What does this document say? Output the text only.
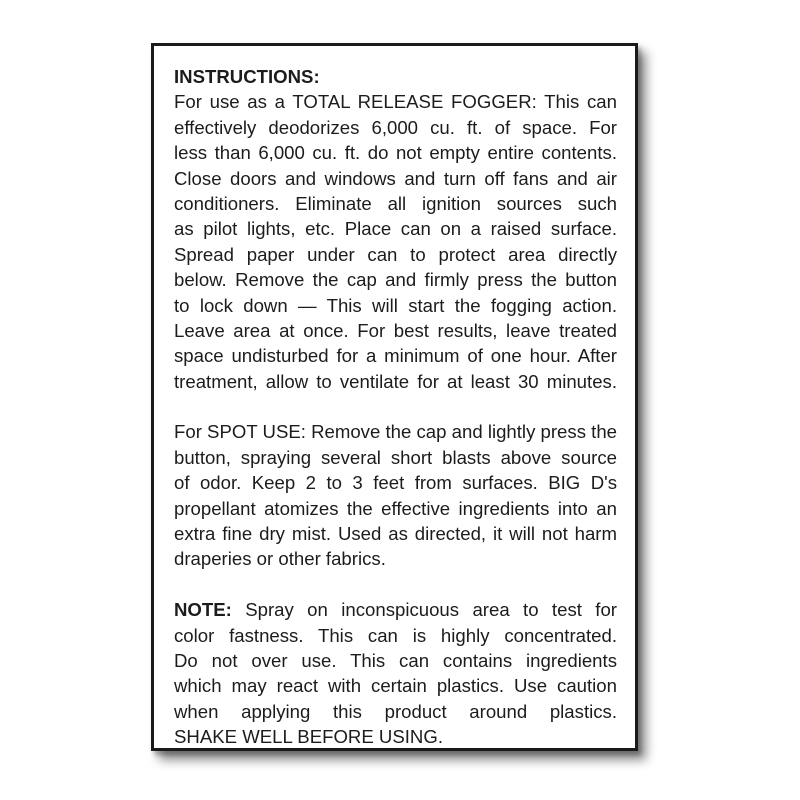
INSTRUCTIONS:
For use as a TOTAL RELEASE FOGGER: This can
effectively deodorizes 6,000 cu. ft. of space. For
less than 6,000 cu. ft. do not empty entire contents.
Close doors and windows and turn off fans and air
conditioners. Eliminate all ignition sources such
as pilot lights, etc. Place can on a raised surface.
Spread paper under can to protect area directly
below. Remove the cap and firmly press the button
to lock down — This will start the fogging action.
Leave area at once. For best results, leave treated
space undisturbed for a minimum of one hour. After
treatment, allow to ventilate for at least 30 minutes.
For SPOT USE: Remove the cap and lightly press the
button, spraying several short blasts above source
of odor. Keep 2 to 3 feet from surfaces. BIG D's
propellant atomizes the effective ingredients into an
extra fine dry mist. Used as directed, it will not harm
draperies or other fabrics.
NOTE: Spray on inconspicuous area to test for
color fastness. This can is highly concentrated.
Do not over use. This can contains ingredients
which may react with certain plastics. Use caution
when applying this product around plastics.
SHAKE WELL BEFORE USING.
